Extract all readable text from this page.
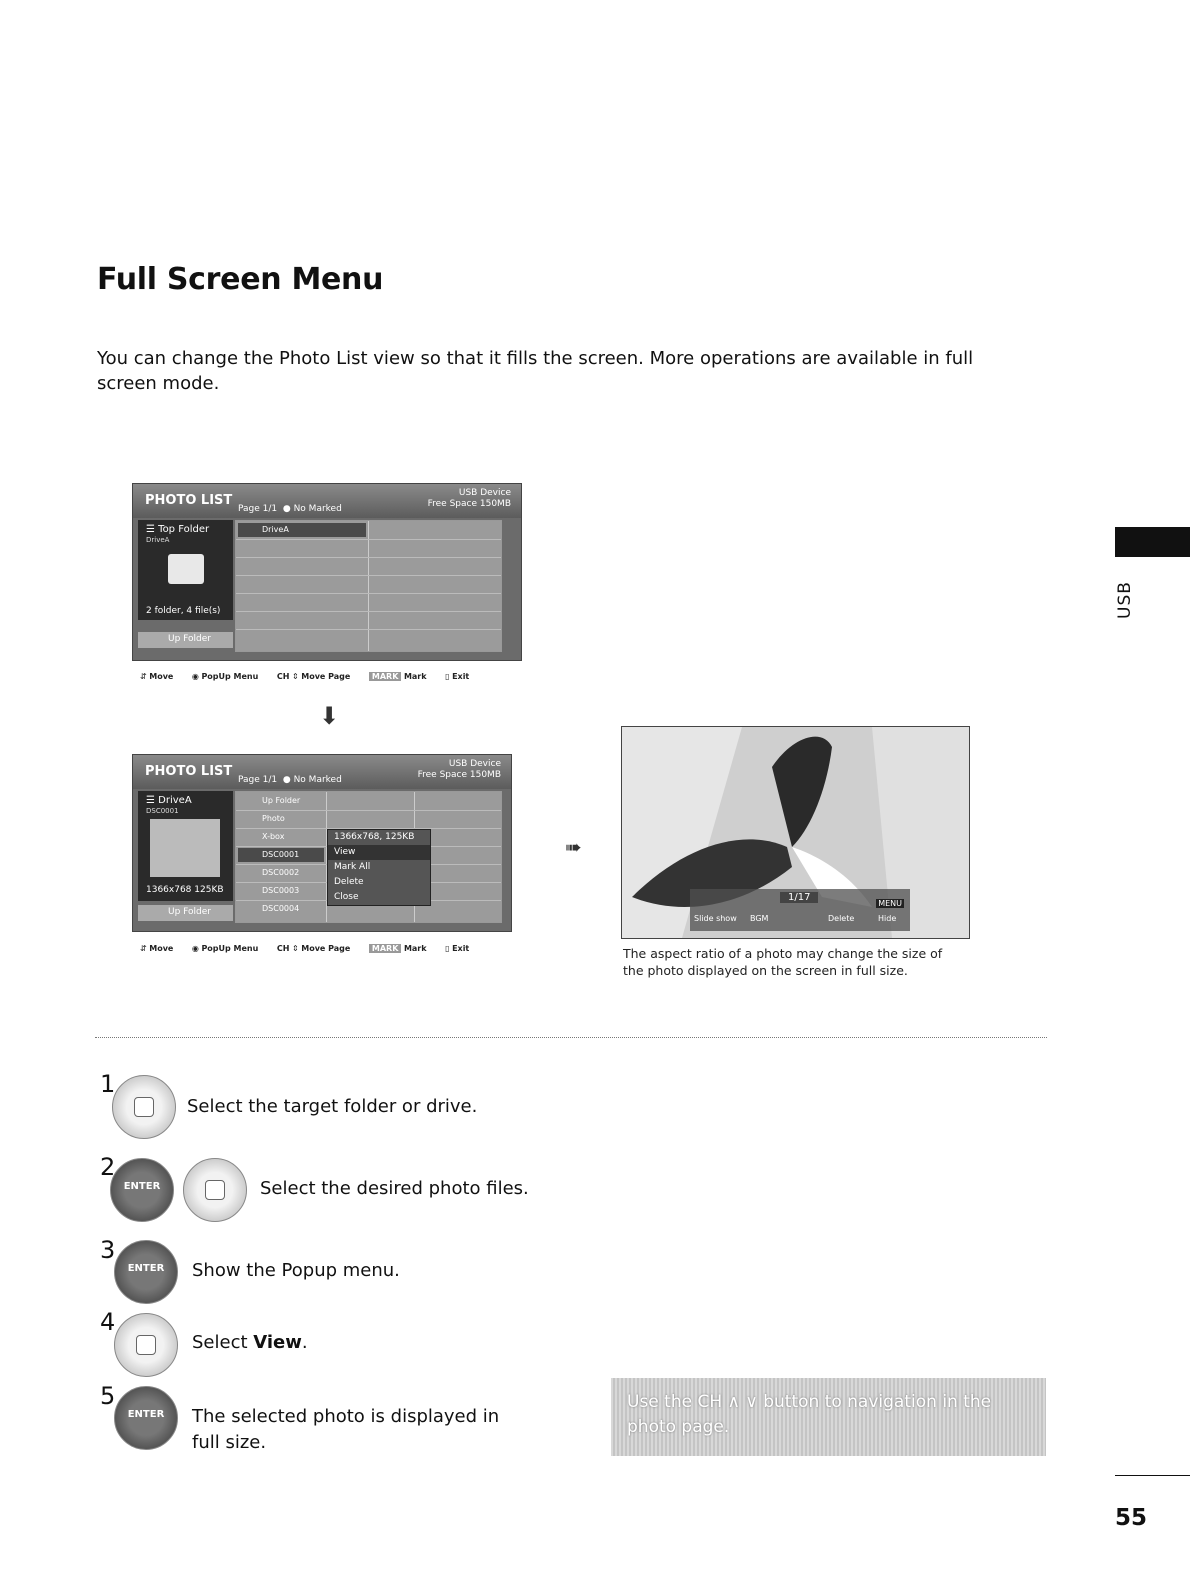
Full Screen Menu

You can change the Photo List view so that it fills the screen. More operations are available in full screen mode.

USB
PHOTO LIST
Page 1/1  ● No Marked
USB Device
Free Space 150MB
☰ Top Folder
DriveA
2 folder, 4 file(s)
Up Folder
DriveA
⇵ Move ◉ PopUp Menu CH ⇕ Move Page	MARK Mark ▯ Exit
⬇
PHOTO LIST
Page 1/1  ● No Marked
USB Device
Free Space 150MB
☰ DriveA
DSC0001
1366x768 125KB
Up Folder
Up Folder
Photo
X-box
DSC0001
DSC0002
DSC0003
DSC0004
1366x768, 125KB
View
Mark All
Delete
Close
⇵ Move ◉ PopUp Menu CH ⇕ Move Page	MARK Mark ▯ Exit
➠
1/17
MENU
Slide show BGM	Delete	Hide
The aspect ratio of a photo may change the size of the photo displayed on the screen in full size.
1
Select the target folder or drive.
2
ENTER	Select the desired photo files.
3
ENTER	Show the Popup menu.
4
Select View.
5
ENTER	The selected photo is displayed in
full size.
Use the CH ∧ ∨ button to navigation in the
photo page.
55
